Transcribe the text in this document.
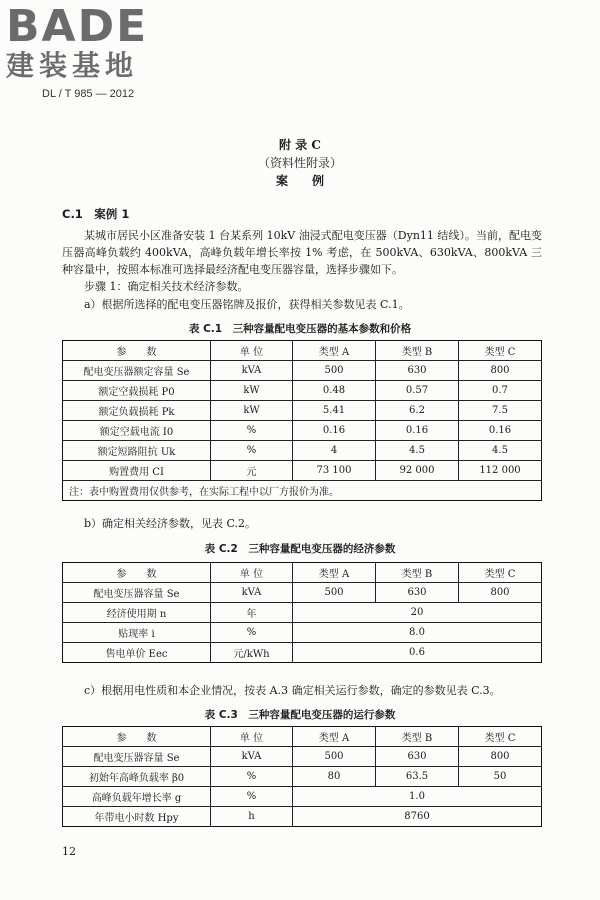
BADE
建装基地
DL / T 985 — 2012
附 录 C
（资料性附录）
案　　例
C.1　案例 1
某城市居民小区准备安装 1 台某系列 10kV 油浸式配电变压器（Dyn11 结线）。当前，配电变压器高峰负载约 400kVA，高峰负载年增长率按 1% 考虑，在 500kVA、630kVA、800kVA 三种容量中，按照本标准可选择最经济配电变压器容量，选择步骤如下。
步骤 1：确定相关技术经济参数。
a）根据所选择的配电变压器铭牌及报价，获得相关参数见表 C.1。
表 C.1　三种容量配电变压器的基本参数和价格
参　　数	单 位	类型 A	类型 B	类型 C
配电变压器额定容量 Se	kVA	500	630	800
额定空载损耗 P0	kW	0.48	0.57	0.7
额定负载损耗 Pk	kW	5.41	6.2	7.5
额定空载电流 I0	%	0.16	0.16	0.16
额定短路阻抗 Uk	%	4	4.5	4.5
购置费用 CI	元	73 100	92 000	112 000
注：表中购置费用仅供参考，在实际工程中以厂方报价为准。				
b）确定相关经济参数，见表 C.2。
表 C.2　三种容量配电变压器的经济参数
参　　数	单 位	类型 A	类型 B	类型 C
配电变压器容量 Se	kVA	500	630	800
经济使用期 n	年	20		
贴现率 i	%	8.0		
售电单价 Eec	元/kWh	0.6		
c）根据用电性质和本企业情况，按表 A.3 确定相关运行参数，确定的参数见表 C.3。
表 C.3　三种容量配电变压器的运行参数
参　　数	单 位	类型 A	类型 B	类型 C
配电变压器容量 Se	kVA	500	630	800
初始年高峰负载率 β0	%	80	63.5	50
高峰负载年增长率 g	%	1.0		
年带电小时数 Hpy	h	8760		
12
